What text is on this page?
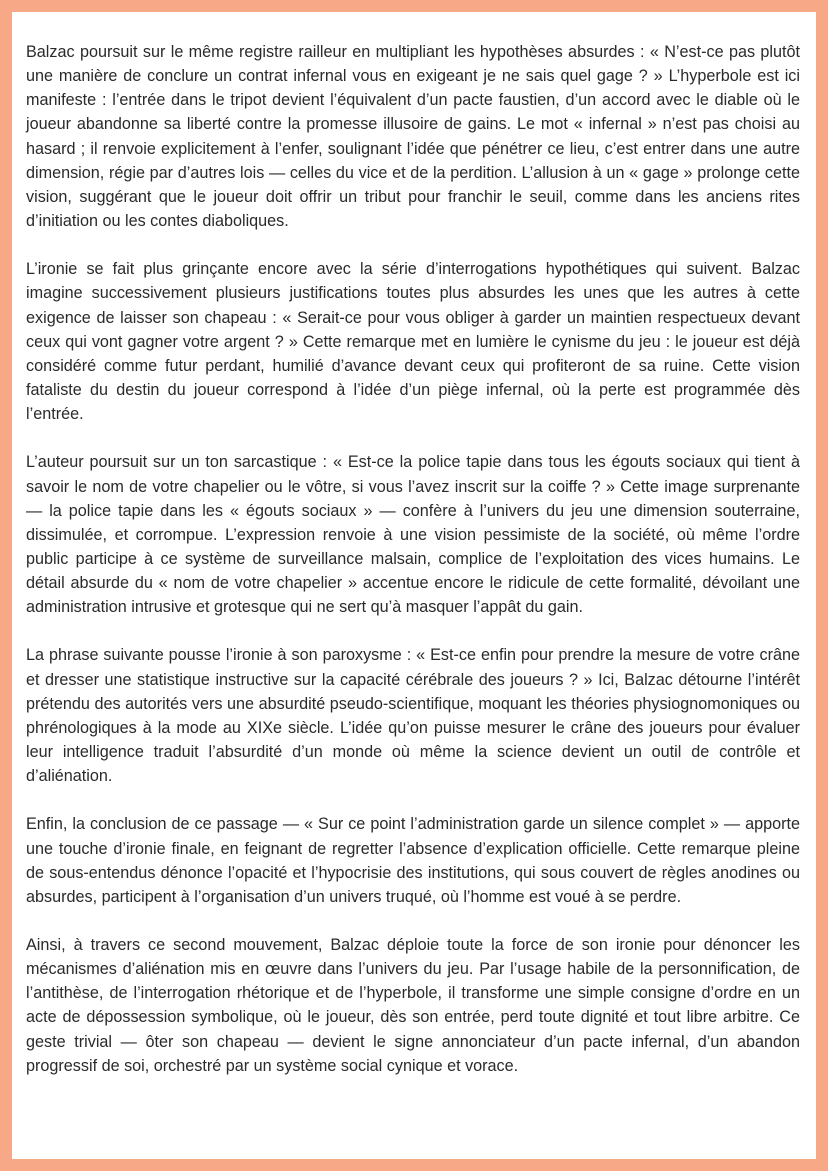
Balzac poursuit sur le même registre railleur en multipliant les hypothèses absurdes : « N’est-ce pas plutôt une manière de conclure un contrat infernal vous en exigeant je ne sais quel gage ? » L’hyperbole est ici manifeste : l’entrée dans le tripot devient l’équivalent d’un pacte faustien, d’un accord avec le diable où le joueur abandonne sa liberté contre la promesse illusoire de gains. Le mot « infernal » n’est pas choisi au hasard ; il renvoie explicitement à l’enfer, soulignant l’idée que pénétrer ce lieu, c’est entrer dans une autre dimension, régie par d’autres lois — celles du vice et de la perdition. L’allusion à un « gage » prolonge cette vision, suggérant que le joueur doit offrir un tribut pour franchir le seuil, comme dans les anciens rites d’initiation ou les contes diaboliques.

L’ironie se fait plus grinçante encore avec la série d’interrogations hypothétiques qui suivent. Balzac imagine successivement plusieurs justifications toutes plus absurdes les unes que les autres à cette exigence de laisser son chapeau : « Serait-ce pour vous obliger à garder un maintien respectueux devant ceux qui vont gagner votre argent ? » Cette remarque met en lumière le cynisme du jeu : le joueur est déjà considéré comme futur perdant, humilié d’avance devant ceux qui profiteront de sa ruine. Cette vision fataliste du destin du joueur correspond à l’idée d’un piège infernal, où la perte est programmée dès l’entrée.

L’auteur poursuit sur un ton sarcastique : « Est-ce la police tapie dans tous les égouts sociaux qui tient à savoir le nom de votre chapelier ou le vôtre, si vous l’avez inscrit sur la coiffe ? » Cette image surprenante — la police tapie dans les « égouts sociaux » — confère à l’univers du jeu une dimension souterraine, dissimulée, et corrompue. L’expression renvoie à une vision pessimiste de la société, où même l’ordre public participe à ce système de surveillance malsain, complice de l’exploitation des vices humains. Le détail absurde du « nom de votre chapelier » accentue encore le ridicule de cette formalité, dévoilant une administration intrusive et grotesque qui ne sert qu’à masquer l’appât du gain.

La phrase suivante pousse l’ironie à son paroxysme : « Est-ce enfin pour prendre la mesure de votre crâne et dresser une statistique instructive sur la capacité cérébrale des joueurs ? » Ici, Balzac détourne l’intérêt prétendu des autorités vers une absurdité pseudo-scientifique, moquant les théories physiognomoniques ou phrénologiques à la mode au XIXe siècle. L’idée qu’on puisse mesurer le crâne des joueurs pour évaluer leur intelligence traduit l’absurdité d’un monde où même la science devient un outil de contrôle et d’aliénation.

Enfin, la conclusion de ce passage — « Sur ce point l’administration garde un silence complet » — apporte une touche d’ironie finale, en feignant de regretter l’absence d’explication officielle. Cette remarque pleine de sous-entendus dénonce l’opacité et l’hypocrisie des institutions, qui sous couvert de règles anodines ou absurdes, participent à l’organisation d’un univers truqué, où l’homme est voué à se perdre.

Ainsi, à travers ce second mouvement, Balzac déploie toute la force de son ironie pour dénoncer les mécanismes d’aliénation mis en œuvre dans l’univers du jeu. Par l’usage habile de la personnification, de l’antithèse, de l’interrogation rhétorique et de l’hyperbole, il transforme une simple consigne d’ordre en un acte de dépossession symbolique, où le joueur, dès son entrée, perd toute dignité et tout libre arbitre. Ce geste trivial — ôter son chapeau — devient le signe annonciateur d’un pacte infernal, d’un abandon progressif de soi, orchestré par un système social cynique et vorace.
